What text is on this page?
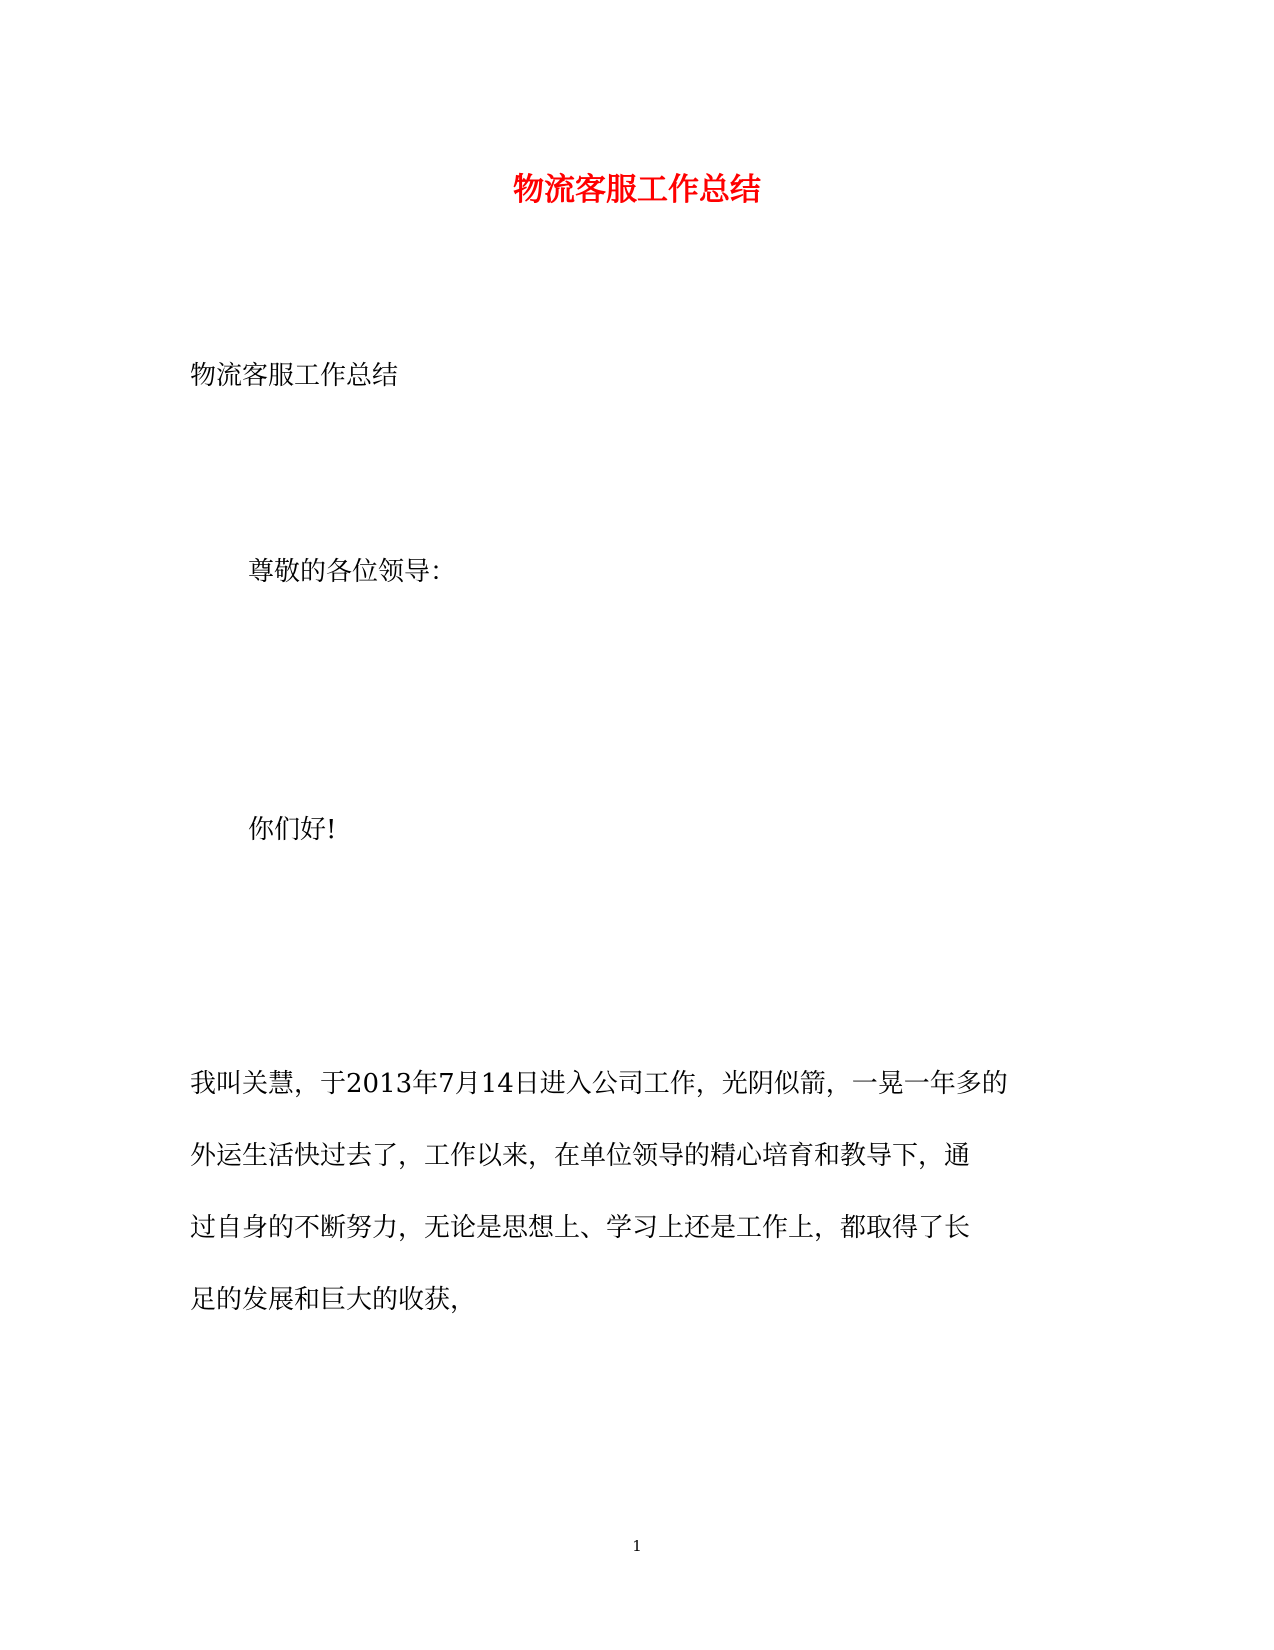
物流客服工作总结

物流客服工作总结

尊敬的各位领导：

你们好!

我叫关慧，于2013年7月14日进入公司工作，光阴似箭，一晃一年多的
外运生活快过去了，工作以来，在单位领导的精心培育和教导下，通
过自身的不断努力，无论是思想上、学习上还是工作上，都取得了长
足的发展和巨大的收获，

1
